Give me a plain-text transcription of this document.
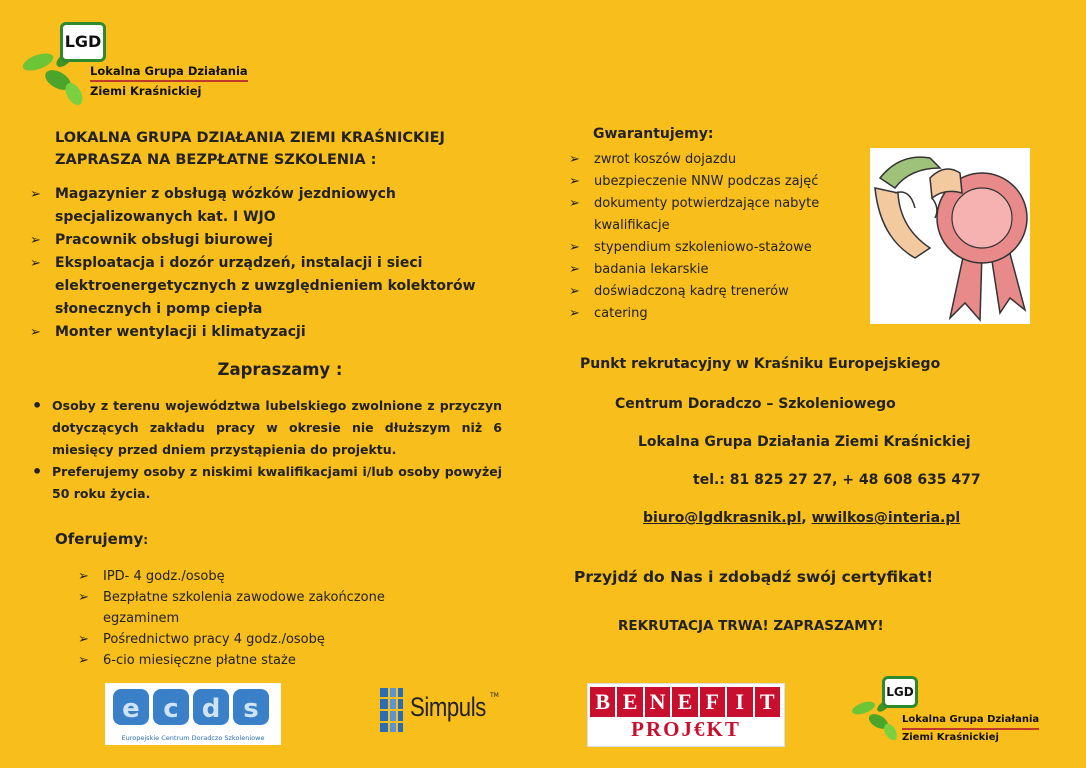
LGD
Lokalna Grupa Działania
Ziemi Kraśnickiej
LOKALNA GRUPA DZIAŁANIA ZIEMI KRAŚNICKIEJ
ZAPRASZA NA BEZPŁATNE SZKOLENIA :
➢ Magazynier z obsługą wózków jezdniowych specjalizowanych kat. I WJO
➢ Pracownik obsługi biurowej
➢ Eksploatacja i dozór urządzeń, instalacji i sieci elektroenergetycznych z uwzględnieniem kolektorów słonecznych i pomp ciepła
➢ Monter wentylacji i klimatyzacji
Zapraszamy :
• Osoby z terenu województwa lubelskiego zwolnione z przyczyn dotyczących zakładu pracy w okresie nie dłuższym niż 6 miesięcy przed dniem przystąpienia do projektu.
• Preferujemy osoby z niskimi kwalifikacjami i/lub osoby powyżej 50 roku życia.
Oferujemy:
➢ IPD- 4 godz./osobę
➢ Bezpłatne szkolenia zawodowe zakończone egzaminem
➢ Pośrednictwo pracy 4 godz./osobę
➢ 6-cio miesięczne płatne staże
Gwarantujemy:
➢ zwrot koszów dojazdu
➢ ubezpieczenie NNW podczas zajęć
➢ dokumenty potwierdzające nabyte kwalifikacje
➢ stypendium szkoleniowo-stażowe
➢ badania lekarskie
➢ doświadczoną kadrę trenerów
➢ catering
Punkt rekrutacyjny w Kraśniku Europejskiego
Centrum Doradczo – Szkoleniowego
Lokalna Grupa Działania Ziemi Kraśnickiej
tel.: 81 825 27 27, + 48 608 635 477
biuro@lgdkrasnik.pl, wwilkos@interia.pl
Przyjdź do Nas i zdobądź swój certyfikat!
REKRUTACJA TRWA! ZAPRASZAMY!
e c d s
Europejskie Centrum Doradczo Szkoleniowe
Simpuls TM	B E N E F I T
PROJ€KT
LGD
Lokalna Grupa Działania
Ziemi Kraśnickiej
